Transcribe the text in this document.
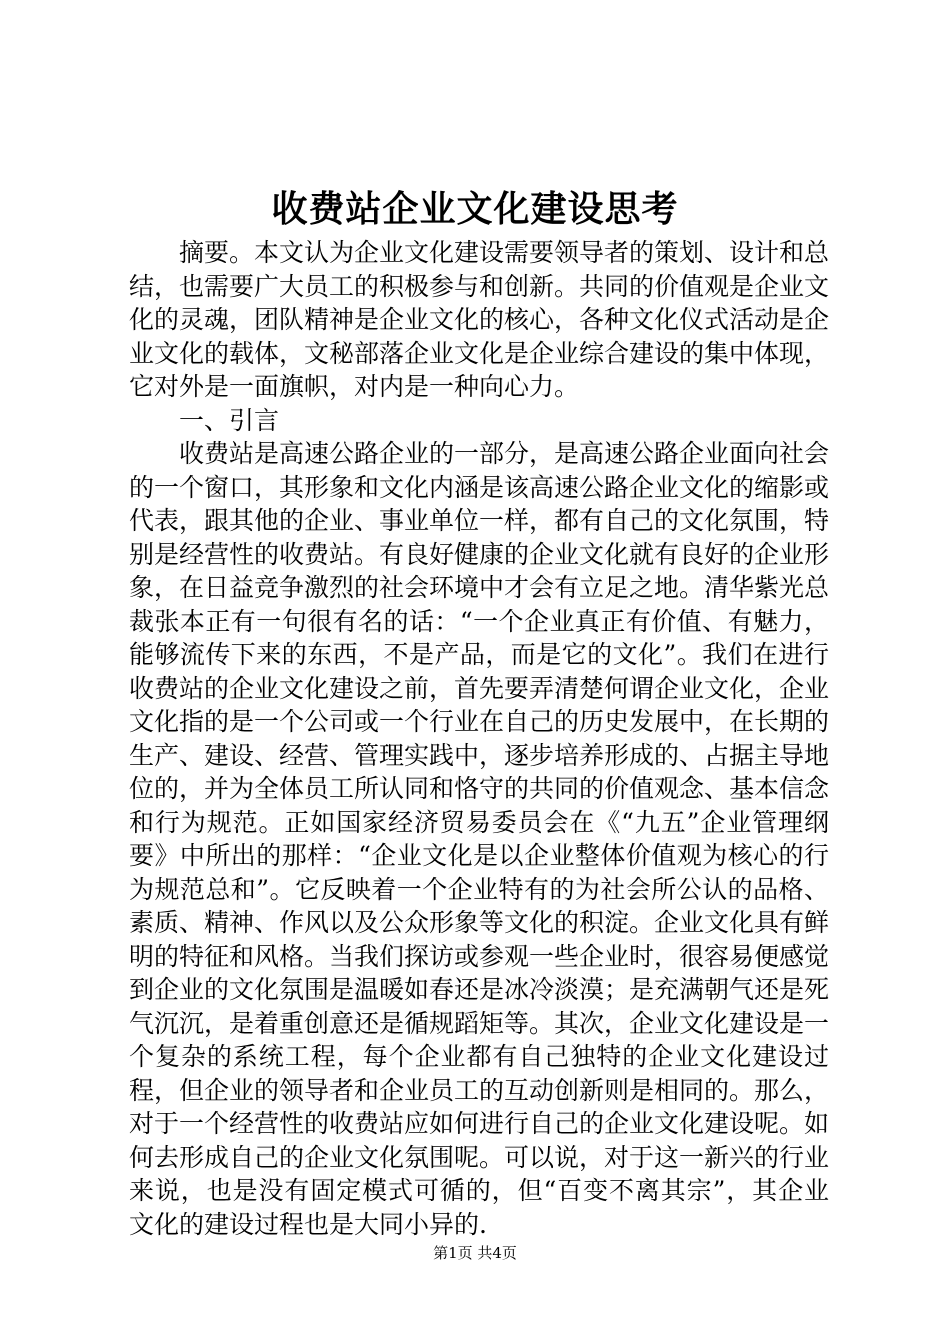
收费站企业文化建设思考

摘要。本文认为企业文化建设需要领导者的策划、设计和总结，也需要广大员工的积极参与和创新。共同的价值观是企业文化的灵魂，团队精神是企业文化的核心，各种文化仪式活动是企业文化的载体，文秘部落企业文化是企业综合建设的集中体现，它对外是一面旗帜，对内是一种向心力。

一、引言

收费站是高速公路企业的一部分，是高速公路企业面向社会的一个窗口，其形象和文化内涵是该高速公路企业文化的缩影或代表，跟其他的企业、事业单位一样，都有自己的文化氛围，特别是经营性的收费站。有良好健康的企业文化就有良好的企业形象，在日益竞争激烈的社会环境中才会有立足之地。清华紫光总裁张本正有一句很有名的话：“一个企业真正有价值、有魅力，能够流传下来的东西，不是产品，而是它的文化”。我们在进行收费站的企业文化建设之前，首先要弄清楚何谓企业文化，企业文化指的是一个公司或一个行业在自己的历史发展中，在长期的生产、建设、经营、管理实践中，逐步培养形成的、占据主导地位的，并为全体员工所认同和恪守的共同的价值观念、基本信念和行为规范。正如国家经济贸易委员会在《“九五”企业管理纲要》中所出的那样：“企业文化是以企业整体价值观为核心的行为规范总和”。它反映着一个企业特有的为社会所公认的品格、素质、精神、作风以及公众形象等文化的积淀。企业文化具有鲜明的特征和风格。当我们探访或参观一些企业时，很容易便感觉到企业的文化氛围是温暖如春还是冰冷淡漠；是充满朝气还是死气沉沉，是着重创意还是循规蹈矩等。其次，企业文化建设是一个复杂的系统工程，每个企业都有自己独特的企业文化建设过程，但企业的领导者和企业员工的互动创新则是相同的。那么，对于一个经营性的收费站应如何进行自己的企业文化建设呢。如何去形成自己的企业文化氛围呢。可以说，对于这一新兴的行业来说，也是没有固定模式可循的，但“百变不离其宗”，其企业文化的建设过程也是大同小异的.

第1页 共4页
